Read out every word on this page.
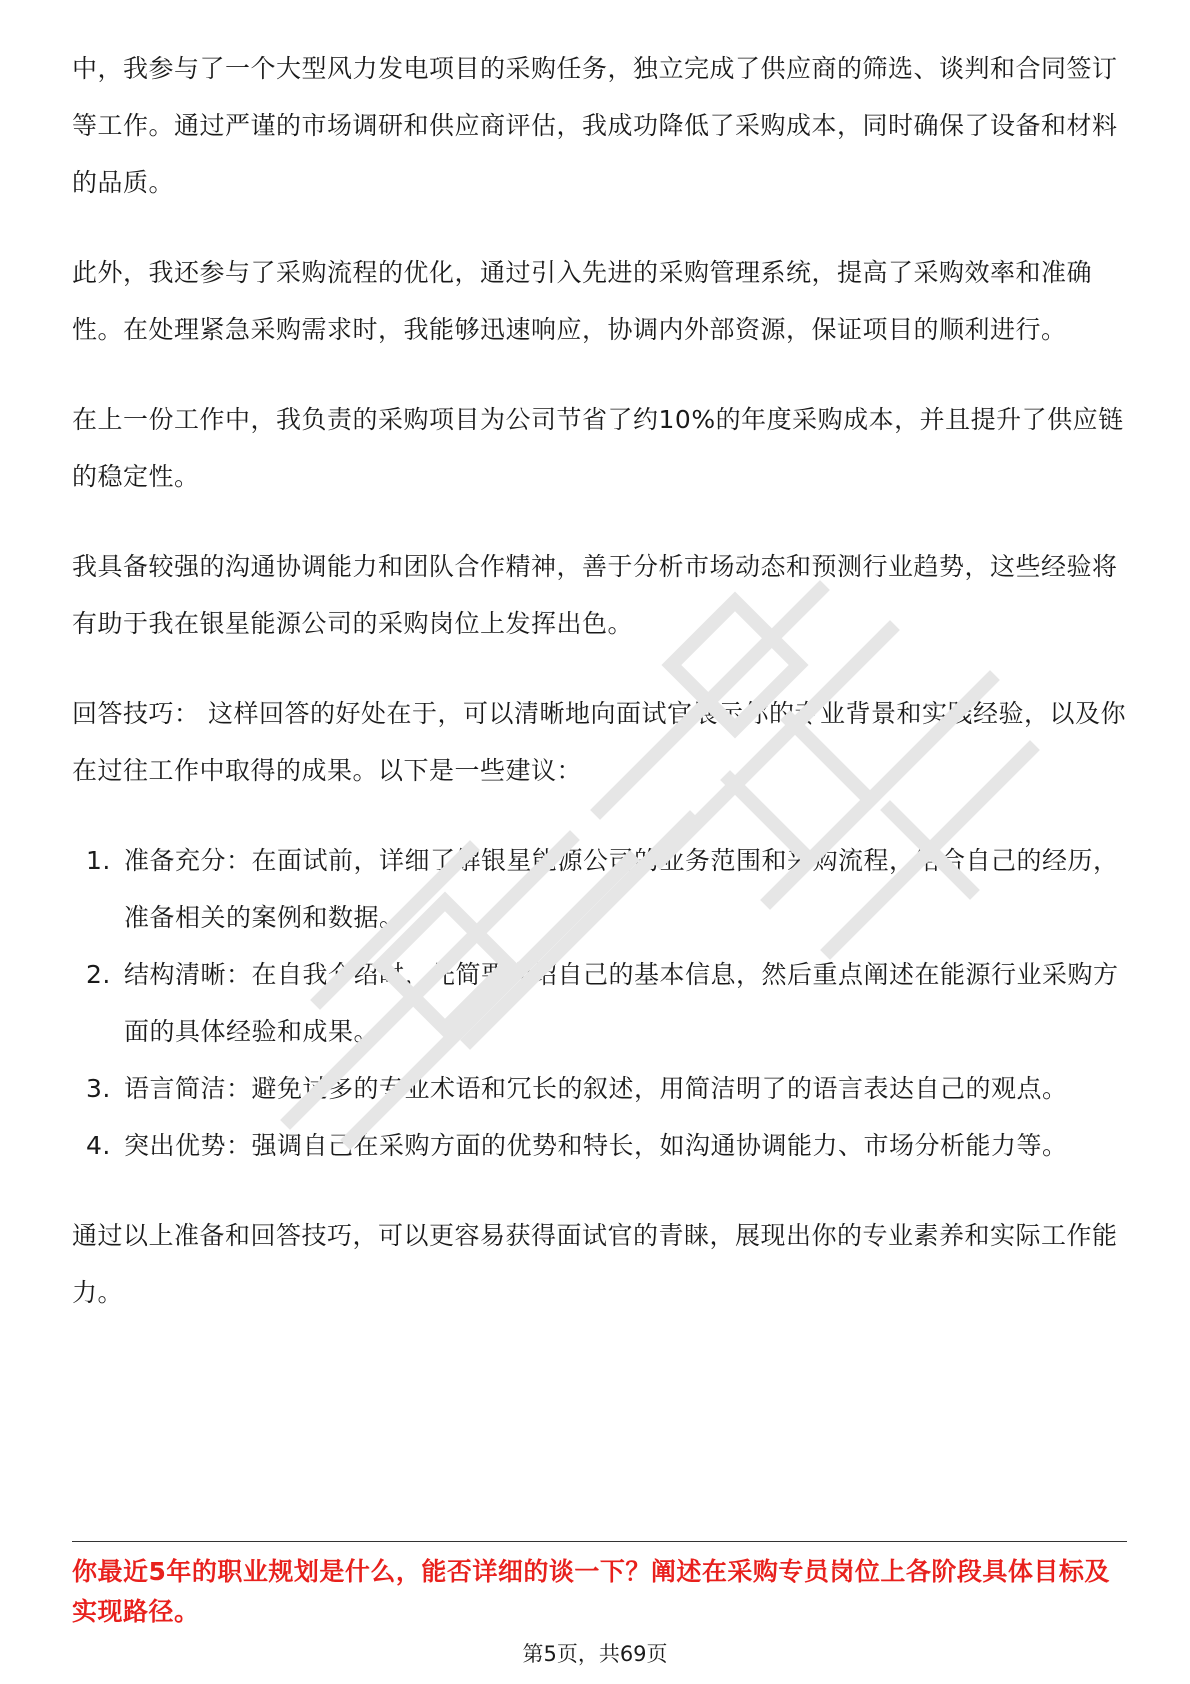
中，我参与了一个大型风力发电项目的采购任务，独立完成了供应商的筛选、谈判和合同签订等工作。通过严谨的市场调研和供应商评估，我成功降低了采购成本，同时确保了设备和材料的品质。

此外，我还参与了采购流程的优化，通过引入先进的采购管理系统，提高了采购效率和准确性。在处理紧急采购需求时，我能够迅速响应，协调内外部资源，保证项目的顺利进行。

在上一份工作中，我负责的采购项目为公司节省了约10%的年度采购成本，并且提升了供应链的稳定性。

我具备较强的沟通协调能力和团队合作精神，善于分析市场动态和预测行业趋势，这些经验将有助于我在银星能源公司的采购岗位上发挥出色。

回答技巧： 这样回答的好处在于，可以清晰地向面试官展示你的专业背景和实践经验，以及你在过往工作中取得的成果。以下是一些建议：

1. 准备充分：在面试前，详细了解银星能源公司的业务范围和采购流程，结合自己的经历，准备相关的案例和数据。
2. 结构清晰：在自我介绍时，先简要介绍自己的基本信息，然后重点阐述在能源行业采购方面的具体经验和成果。
3. 语言简洁：避免过多的专业术语和冗长的叙述，用简洁明了的语言表达自己的观点。
4. 突出优势：强调自己在采购方面的优势和特长，如沟通协调能力、市场分析能力等。

通过以上准备和回答技巧，可以更容易获得面试官的青睐，展现出你的专业素养和实际工作能力。

你最近5年的职业规划是什么，能否详细的谈一下？阐述在采购专员岗位上各阶段具体目标及实现路径。
第5页，共69页
